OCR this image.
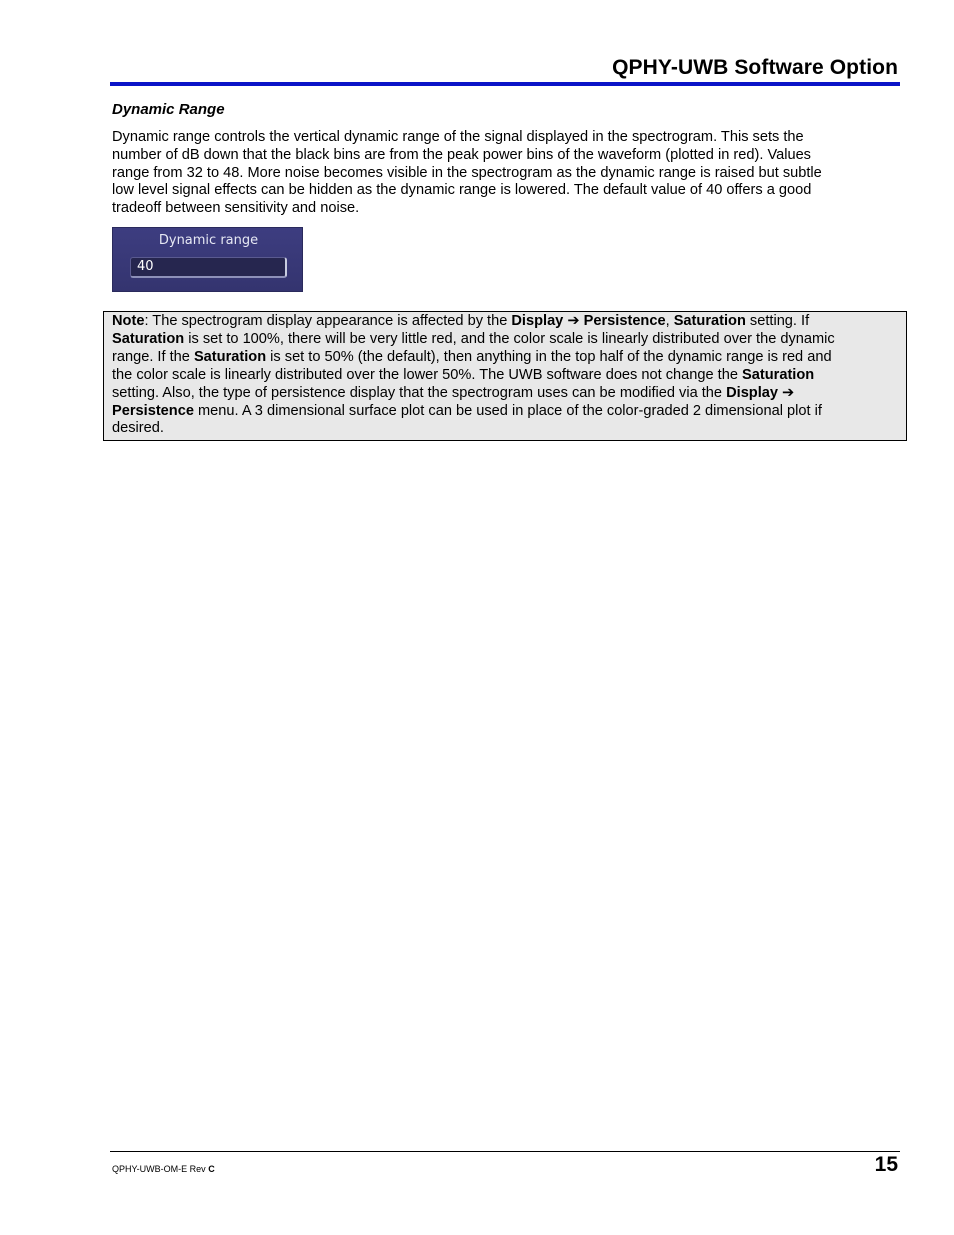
QPHY-UWB Software Option
Dynamic Range
Dynamic range controls the vertical dynamic range of the signal displayed in the spectrogram. This sets the
number of dB down that the black bins are from the peak power bins of the waveform (plotted in red). Values
range from 32 to 48. More noise becomes visible in the spectrogram as the dynamic range is raised but subtle
low level signal effects can be hidden as the dynamic range is lowered. The default value of 40 offers a good
tradeoff between sensitivity and noise.
Dynamic range
40
Note: The spectrogram display appearance is affected by the Display ➔ Persistence, Saturation setting. If
Saturation is set to 100%, there will be very little red, and the color scale is linearly distributed over the dynamic
range. If the Saturation is set to 50% (the default), then anything in the top half of the dynamic range is red and
the color scale is linearly distributed over the lower 50%. The UWB software does not change the Saturation
setting. Also, the type of persistence display that the spectrogram uses can be modified via the Display ➔
Persistence menu. A 3 dimensional surface plot can be used in place of the color-graded 2 dimensional plot if
desired.
QPHY-UWB-OM-E Rev C	15
